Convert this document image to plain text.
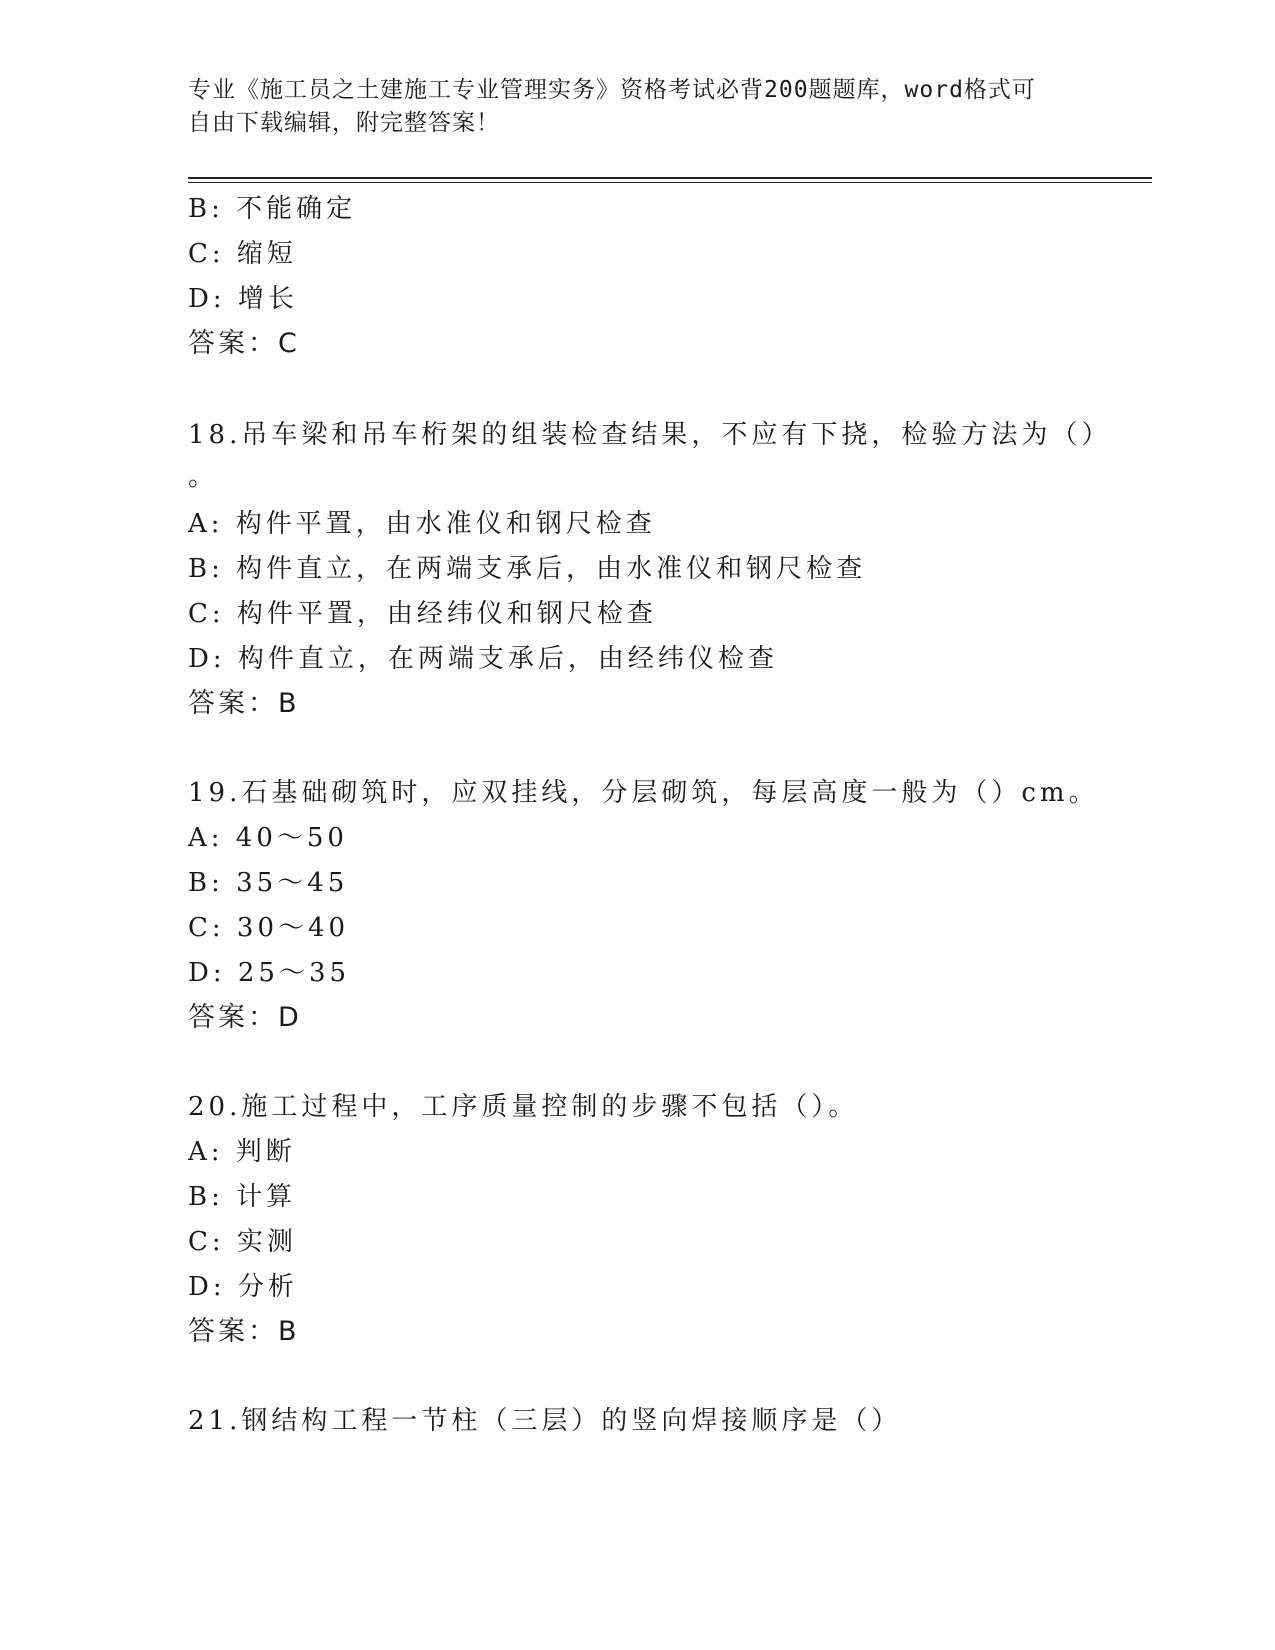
专业《施工员之土建施工专业管理实务》资格考试必背200题题库，word格式可
自由下载编辑，附完整答案！
B: 不能确定
C: 缩短
D: 增长
答案：C
18.吊车梁和吊车桁架的组装检查结果，不应有下挠，检验方法为（）
。
A: 构件平置，由水准仪和钢尺检查
B: 构件直立，在两端支承后，由水准仪和钢尺检查
C: 构件平置，由经纬仪和钢尺检查
D: 构件直立，在两端支承后，由经纬仪检查
答案：B
19.石基础砌筑时，应双挂线，分层砌筑，每层高度一般为（）cm。
A: 40～50
B: 35～45
C: 30～40
D: 25～35
答案：D
20.施工过程中，工序质量控制的步骤不包括（）。
A: 判断
B: 计算
C: 实测
D: 分析
答案：B
21.钢结构工程一节柱（三层）的竖向焊接顺序是（）
